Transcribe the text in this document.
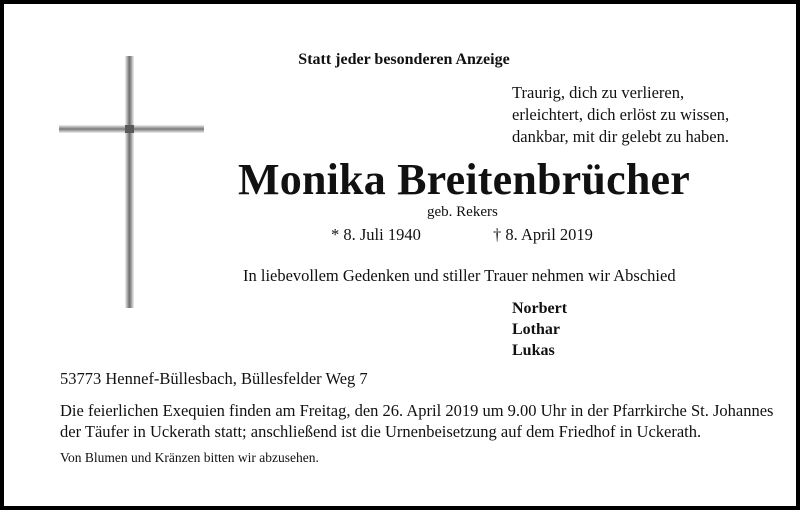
Statt jeder besonderen Anzeige
Traurig, dich zu verlieren,
erleichtert, dich erlöst zu wissen,
dankbar, mit dir gelebt zu haben.
Monika Breitenbrücher
geb. Rekers
* 8. Juli 1940	† 8. April 2019
In liebevollem Gedenken und stiller Trauer nehmen wir Abschied
Norbert
Lothar
Lukas
53773 Hennef-Büllesbach, Büllesfelder Weg 7
Die feierlichen Exequien finden am Freitag, den 26. April 2019 um 9.00 Uhr in der Pfarrkirche St. Johannes
der Täufer in Uckerath statt; anschließend ist die Urnenbeisetzung auf dem Friedhof in Uckerath.
Von Blumen und Kränzen bitten wir abzusehen.
